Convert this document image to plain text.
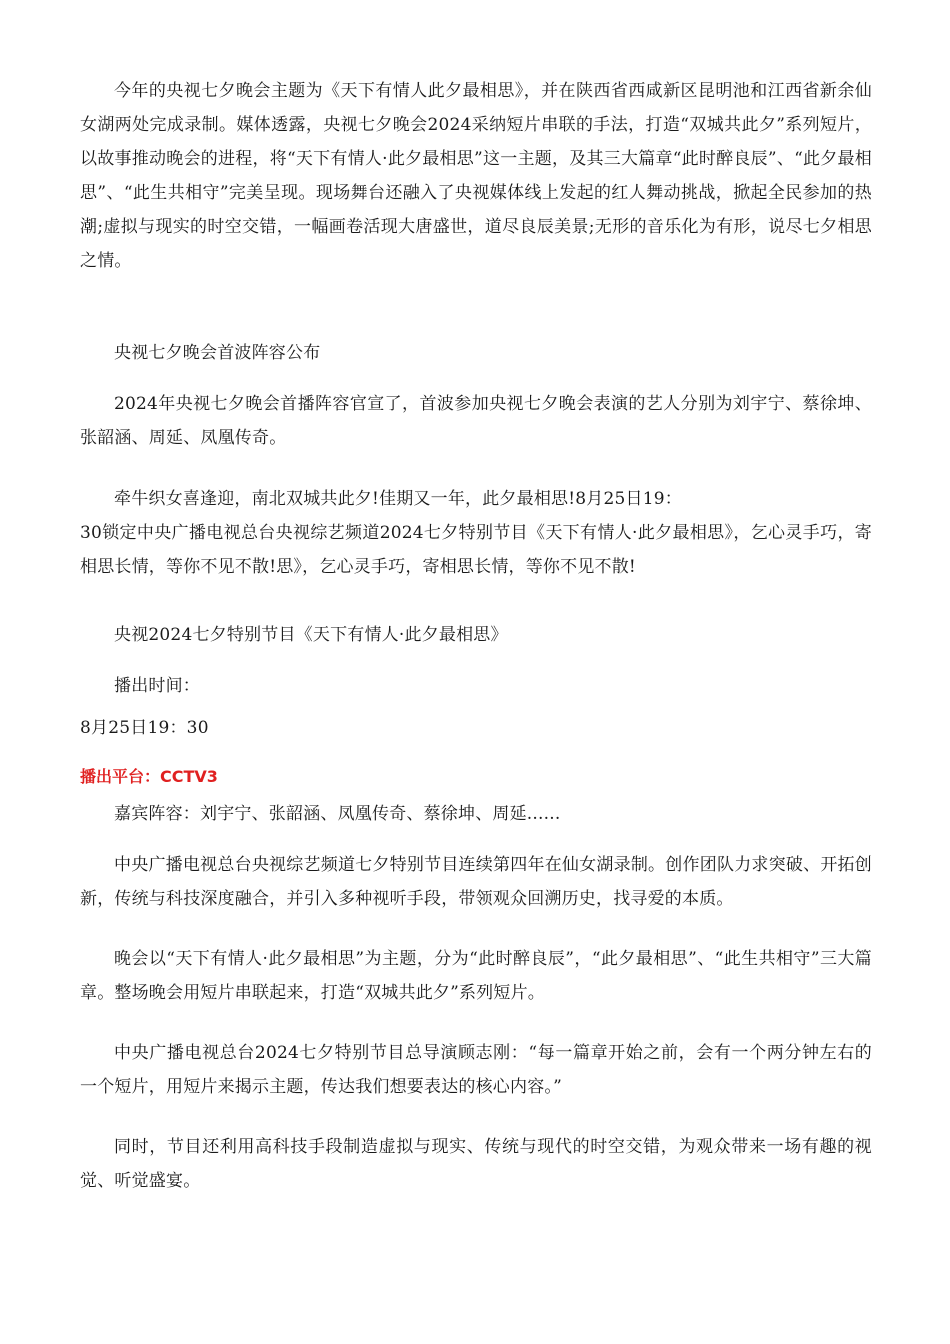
今年的央视七夕晚会主题为《天下有情人此夕最相思》，并在陕西省西咸新区昆明池和江西省新余仙女湖两处完成录制。媒体透露，央视七夕晚会2024采纳短片串联的手法，打造“双城共此夕”系列短片，以故事推动晚会的进程，将“天下有情人·此夕最相思”这一主题，及其三大篇章“此时醉良辰”、“此夕最相思”、“此生共相守”完美呈现。现场舞台还融入了央视媒体线上发起的红人舞动挑战，掀起全民参加的热潮;虚拟与现实的时空交错，一幅画卷活现大唐盛世，道尽良辰美景;无形的音乐化为有形，说尽七夕相思之情。

央视七夕晚会首波阵容公布

2024年央视七夕晚会首播阵容官宣了，首波参加央视七夕晚会表演的艺人分别为刘宇宁、蔡徐坤、张韶涵、周延、凤凰传奇。

牵牛织女喜逢迎，南北双城共此夕!佳期又一年，此夕最相思!8月25日19：

30锁定中央广播电视总台央视综艺频道2024七夕特别节目《天下有情人·此夕最相思》，乞心灵手巧，寄相思长情，等你不见不散!思》，乞心灵手巧，寄相思长情，等你不见不散!

央视2024七夕特别节目《天下有情人·此夕最相思》

播出时间：

8月25日19：30

播出平台：CCTV3

嘉宾阵容：刘宇宁、张韶涵、凤凰传奇、蔡徐坤、周延......

中央广播电视总台央视综艺频道七夕特别节目连续第四年在仙女湖录制。创作团队力求突破、开拓创新，传统与科技深度融合，并引入多种视听手段，带领观众回溯历史，找寻爱的本质。

晚会以“天下有情人·此夕最相思”为主题，分为“此时醉良辰”，“此夕最相思”、“此生共相守”三大篇章。整场晚会用短片串联起来，打造“双城共此夕”系列短片。

中央广播电视总台2024七夕特别节目总导演顾志刚：“每一篇章开始之前，会有一个两分钟左右的一个短片，用短片来揭示主题，传达我们想要表达的核心内容。”

同时，节目还利用高科技手段制造虚拟与现实、传统与现代的时空交错，为观众带来一场有趣的视觉、听觉盛宴。
